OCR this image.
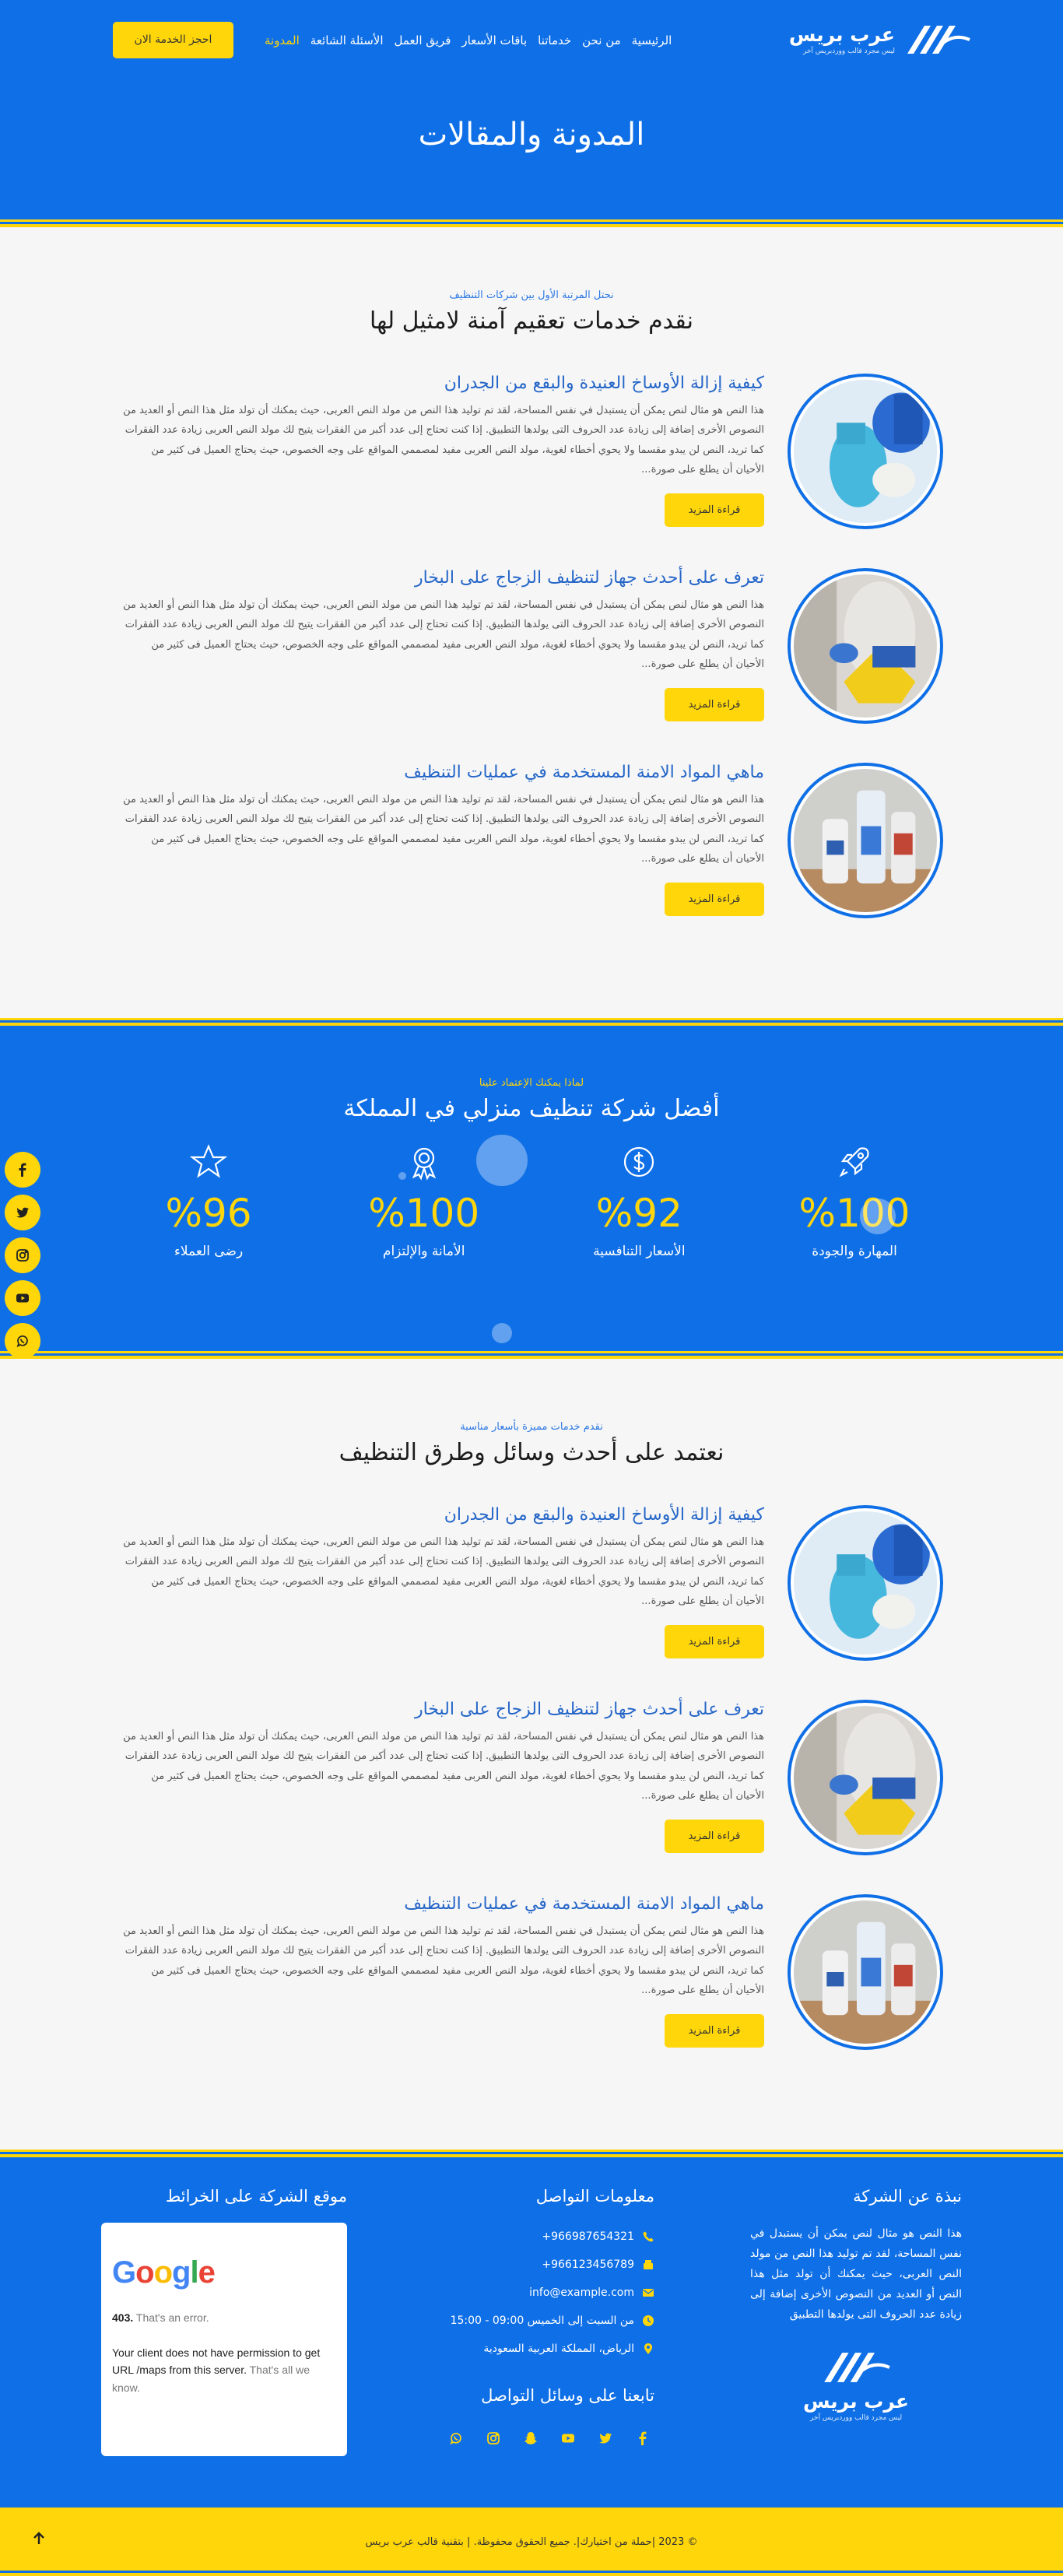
عرب بريس
ليس مجرد قالب ووردبريس آخر
الرئيسية
من نحن
خدماتنا
باقات الأسعار
فريق العمل
الأسئلة الشائعة
المدونة
احجز الخدمة الان
المدونة والمقالات
نحتل المرتبة الأول بين شركات التنظيف
نقدم خدمات تعقيم آمنة لامثيل لها
كيفية إزالة الأوساخ العنيدة والبقع من الجدران

هذا النص هو مثال لنص يمكن أن يستبدل في نفس المساحة، لقد تم توليد هذا النص من مولد النص العربى، حيث يمكنك أن تولد مثل هذا النص أو العديد من النصوص الأخرى إضافة إلى زيادة عدد الحروف التى يولدها التطبيق. إذا كنت تحتاج إلى عدد أكبر من الفقرات يتيح لك مولد النص العربى زيادة عدد الفقرات كما تريد، النص لن يبدو مقسما ولا يحوي أخطاء لغوية، مولد النص العربى مفيد لمصممي المواقع على وجه الخصوص، حيث يحتاج العميل فى كثير من الأحيان أن يطلع على صورة...

قراءة المزيد
تعرف على أحدث جهاز لتنظيف الزجاج على البخار

هذا النص هو مثال لنص يمكن أن يستبدل في نفس المساحة، لقد تم توليد هذا النص من مولد النص العربى، حيث يمكنك أن تولد مثل هذا النص أو العديد من النصوص الأخرى إضافة إلى زيادة عدد الحروف التى يولدها التطبيق. إذا كنت تحتاج إلى عدد أكبر من الفقرات يتيح لك مولد النص العربى زيادة عدد الفقرات كما تريد، النص لن يبدو مقسما ولا يحوي أخطاء لغوية، مولد النص العربى مفيد لمصممي المواقع على وجه الخصوص، حيث يحتاج العميل فى كثير من الأحيان أن يطلع على صورة...

قراءة المزيد
ماهي المواد الامنة المستخدمة في عمليات التنظيف

هذا النص هو مثال لنص يمكن أن يستبدل في نفس المساحة، لقد تم توليد هذا النص من مولد النص العربى، حيث يمكنك أن تولد مثل هذا النص أو العديد من النصوص الأخرى إضافة إلى زيادة عدد الحروف التى يولدها التطبيق. إذا كنت تحتاج إلى عدد أكبر من الفقرات يتيح لك مولد النص العربى زيادة عدد الفقرات كما تريد، النص لن يبدو مقسما ولا يحوي أخطاء لغوية، مولد النص العربى مفيد لمصممي المواقع على وجه الخصوص، حيث يحتاج العميل فى كثير من الأحيان أن يطلع على صورة...

قراءة المزيد
لماذا يمكنك الإعتماد علينا
أفضل شركة تنظيف منزلي في المملكة
%100
المهارة والجودة
%92
الأسعار التنافسية
%100
الأمانة والإلتزام
%96
رضى العملاء
نقدم خدمات مميزة بأسعار مناسبة
نعتمد على أحدث وسائل وطرق التنظيف
كيفية إزالة الأوساخ العنيدة والبقع من الجدران

هذا النص هو مثال لنص يمكن أن يستبدل في نفس المساحة، لقد تم توليد هذا النص من مولد النص العربى، حيث يمكنك أن تولد مثل هذا النص أو العديد من النصوص الأخرى إضافة إلى زيادة عدد الحروف التى يولدها التطبيق. إذا كنت تحتاج إلى عدد أكبر من الفقرات يتيح لك مولد النص العربى زيادة عدد الفقرات كما تريد، النص لن يبدو مقسما ولا يحوي أخطاء لغوية، مولد النص العربى مفيد لمصممي المواقع على وجه الخصوص، حيث يحتاج العميل فى كثير من الأحيان أن يطلع على صورة...

قراءة المزيد
تعرف على أحدث جهاز لتنظيف الزجاج على البخار

هذا النص هو مثال لنص يمكن أن يستبدل في نفس المساحة، لقد تم توليد هذا النص من مولد النص العربى، حيث يمكنك أن تولد مثل هذا النص أو العديد من النصوص الأخرى إضافة إلى زيادة عدد الحروف التى يولدها التطبيق. إذا كنت تحتاج إلى عدد أكبر من الفقرات يتيح لك مولد النص العربى زيادة عدد الفقرات كما تريد، النص لن يبدو مقسما ولا يحوي أخطاء لغوية، مولد النص العربى مفيد لمصممي المواقع على وجه الخصوص، حيث يحتاج العميل فى كثير من الأحيان أن يطلع على صورة...

قراءة المزيد
ماهي المواد الامنة المستخدمة في عمليات التنظيف

هذا النص هو مثال لنص يمكن أن يستبدل في نفس المساحة، لقد تم توليد هذا النص من مولد النص العربى، حيث يمكنك أن تولد مثل هذا النص أو العديد من النصوص الأخرى إضافة إلى زيادة عدد الحروف التى يولدها التطبيق. إذا كنت تحتاج إلى عدد أكبر من الفقرات يتيح لك مولد النص العربى زيادة عدد الفقرات كما تريد، النص لن يبدو مقسما ولا يحوي أخطاء لغوية، مولد النص العربى مفيد لمصممي المواقع على وجه الخصوص، حيث يحتاج العميل فى كثير من الأحيان أن يطلع على صورة...

قراءة المزيد
نبذة عن الشركة

هذا النص هو مثال لنص يمكن أن يستبدل في نفس المساحة، لقد تم توليد هذا النص من مولد النص العربى، حيث يمكنك أن تولد مثل هذا النص أو العديد من النصوص الأخرى إضافة إلى زيادة عدد الحروف التى يولدها التطبيق

عرب بريس
ليس مجرد قالب ووردبريس آخر
معلومات التواصل
966987654321+
966123456789+
info@example.com
من السبت إلى الخميس 09:00 - 15:00
الرياض، المملكة العربية السعودية
تابعنا على وسائل التواصل
موقع الشركة على الخرائط
Google
403. That's an error.
Your client does not have permission to get URL /maps from this server. That's all we know.
© 2023 |حملة من اختيارك|. جميع الحقوق محفوظة. | بتقنية قالب عرب بريس
